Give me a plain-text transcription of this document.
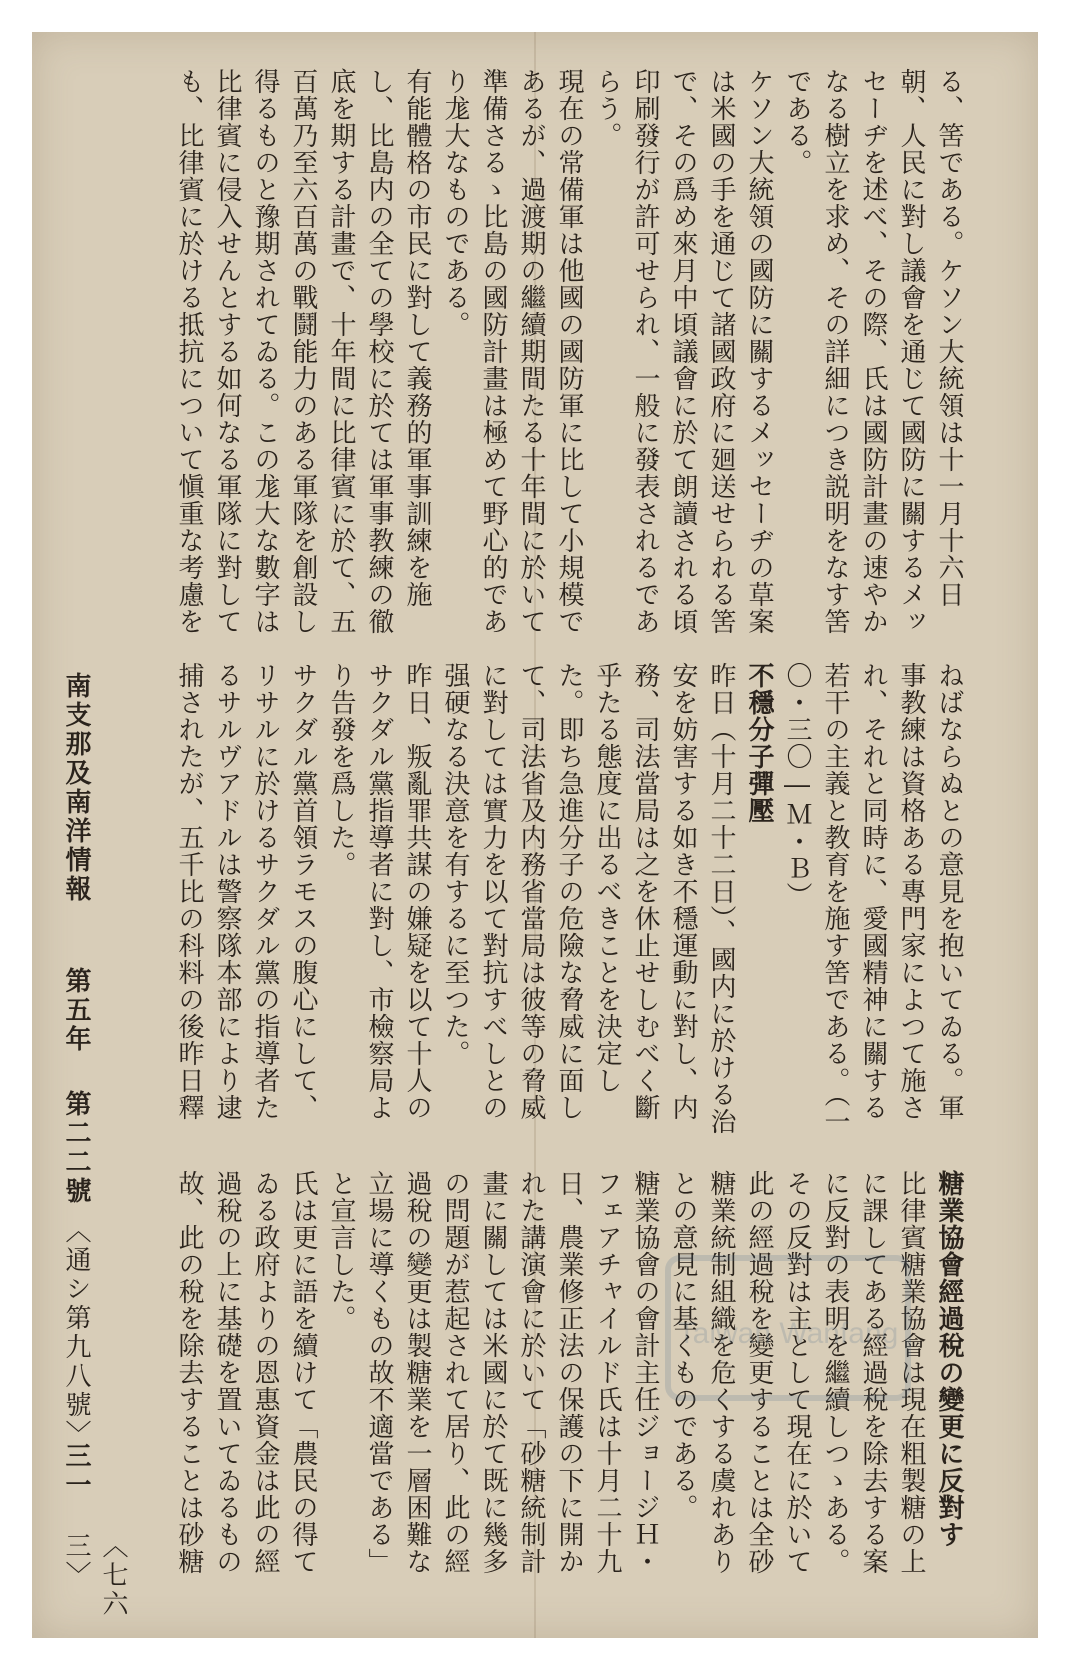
る、筈である。ケソン大統領は十一月十六日朝、人民に對し議會を通じて國防に關するメッセーヂを述べ、その際、氏は國防計畫の速やかなる樹立を求め、その詳細につき説明をなす筈である。
ケソン大統領の國防に關するメッセーヂの草案は米國の手を通じて諸國政府に廻送せられる筈で、その爲め來月中頃議會に於て朗讀される頃印刷發行が許可せられ、一般に發表されるであらう。
現在の常備軍は他國の國防軍に比して小規模であるが、過渡期の繼續期間たる十年間に於いて準備さるゝ比島の國防計畫は極めて野心的であり尨大なものである。
有能體格の市民に對して義務的軍事訓練を施し、比島内の全ての學校に於ては軍事教練の徹底を期する計畫で、十年間に比律賓に於て、五百萬乃至六百萬の戰鬪能力のある軍隊を創設し得るものと豫期されてゐる。この尨大な數字は比律賓に侵入せんとする如何なる軍隊に對しても、比律賓に於ける抵抗について愼重な考慮を
ねばならぬとの意見を抱いてゐる。軍事教練は資格ある專門家によつて施され、それと同時に、愛國精神に關する若干の主義と教育を施す筈である。（一〇・三〇―Ｍ・Ｂ）
不穩分子彈壓
昨日（十月二十二日）、國内に於ける治安を妨害する如き不穩運動に對し、内務、司法當局は之を休止せしむべく斷乎たる態度に出るべきことを決定した。即ち急進分子の危險な脅威に面して、司法省及内務省當局は彼等の脅威に對しては實力を以て對抗すべしとの强硬なる決意を有するに至つた。
昨日、叛亂罪共謀の嫌疑を以て十人のサクダル黨指導者に對し、市檢察局より告發を爲した。
サクダル黨首領ラモスの腹心にして、リサルに於けるサクダル黨の指導者たるサルヴアドルは警察隊本部により逮捕されたが、五千比の科料の後昨日釋
糖業協會經過稅の變更に反對す
比律賓糖業協會は現在粗製糖の上に課してある經過稅を除去する案に反對の表明を繼續しつゝある。
その反對は主として現在に於いて此の經過稅を變更することは全砂糖業統制組織を危くする虞れありとの意見に基くものである。
糖業協會の會計主任ジョージＨ・フェアチャイルド氏は十月二十九日、農業修正法の保護の下に開かれた講演會に於いて「砂糖統制計畫に關しては米國に於て既に幾多の問題が惹起されて居り、此の經過稅の變更は製糖業を一層困難な立場に導くもの故不適當である」と宣言した。
氏は更に語を續けて「農民の得てゐる政府よりの恩惠資金は此の經過稅の上に基礎を置いてゐるもの故、此の稅を除去することは砂糖
南支那及南洋情報
第五年
第二二號
〈通シ第九八號〉
三一
〈七六三〉
Taiwan Wanfang
